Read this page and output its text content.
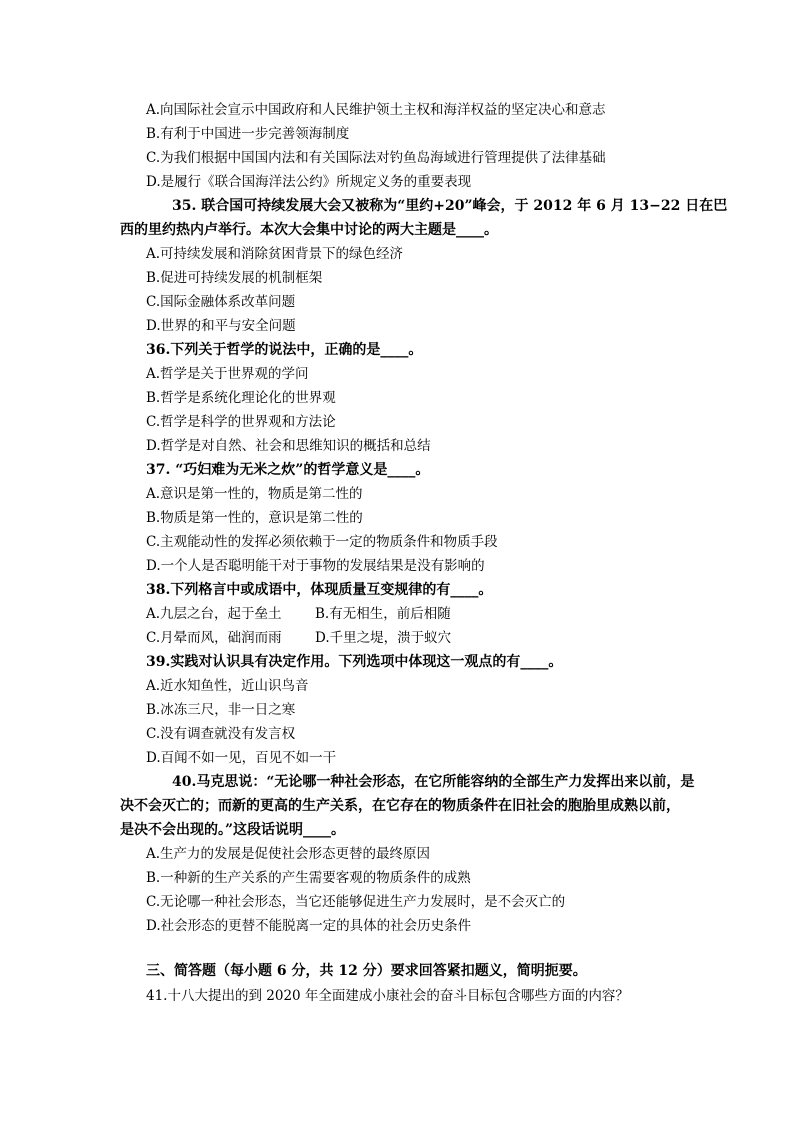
A.向国际社会宣示中国政府和人民维护领土主权和海洋权益的坚定决心和意志
B.有利于中国进一步完善领海制度
C.为我们根据中国国内法和有关国际法对钓鱼岛海域进行管理提供了法律基础
D.是履行《联合国海洋法公约》所规定义务的重要表现
35. 联合国可持续发展大会又被称为“里约+20”峰会，于 2012 年 6 月 13−22 日在巴
西的里约热内卢举行。本次大会集中讨论的两大主题是____。
A.可持续发展和消除贫困背景下的绿色经济
B.促进可持续发展的机制框架
C.国际金融体系改革问题
D.世界的和平与安全问题
36.下列关于哲学的说法中，正确的是____。
A.哲学是关于世界观的学问
B.哲学是系统化理论化的世界观
C.哲学是科学的世界观和方法论
D.哲学是对自然、社会和思维知识的概括和总结
37. “巧妇难为无米之炊”的哲学意义是____。
A.意识是第一性的，物质是第二性的
B.物质是第一性的，意识是第二性的
C.主观能动性的发挥必须依赖于一定的物质条件和物质手段
D.一个人是否聪明能干对于事物的发展结果是没有影响的
38.下列格言中或成语中，体现质量互变规律的有____。
A.九层之台，起于垒土 B.有无相生，前后相随
C.月晕而风，础润而雨 D.千里之堤，溃于蚁穴
39.实践对认识具有决定作用。下列选项中体现这一观点的有____。
A.近水知鱼性，近山识鸟音
B.冰冻三尺，非一日之寒
C.没有调查就没有发言权
D.百闻不如一见，百见不如一干
40.马克思说：“无论哪一种社会形态，在它所能容纳的全部生产力发挥出来以前，是
决不会灭亡的；而新的更高的生产关系，在它存在的物质条件在旧社会的胞胎里成熟以前，
是决不会出现的。”这段话说明____。
A.生产力的发展是促使社会形态更替的最终原因
B.一种新的生产关系的产生需要客观的物质条件的成熟
C.无论哪一种社会形态，当它还能够促进生产力发展时，是不会灭亡的
D.社会形态的更替不能脱离一定的具体的社会历史条件
三、简答题（每小题 6 分，共 12 分）要求回答紧扣题义，简明扼要。
41.十八大提出的到 2020 年全面建成小康社会的奋斗目标包含哪些方面的内容？
